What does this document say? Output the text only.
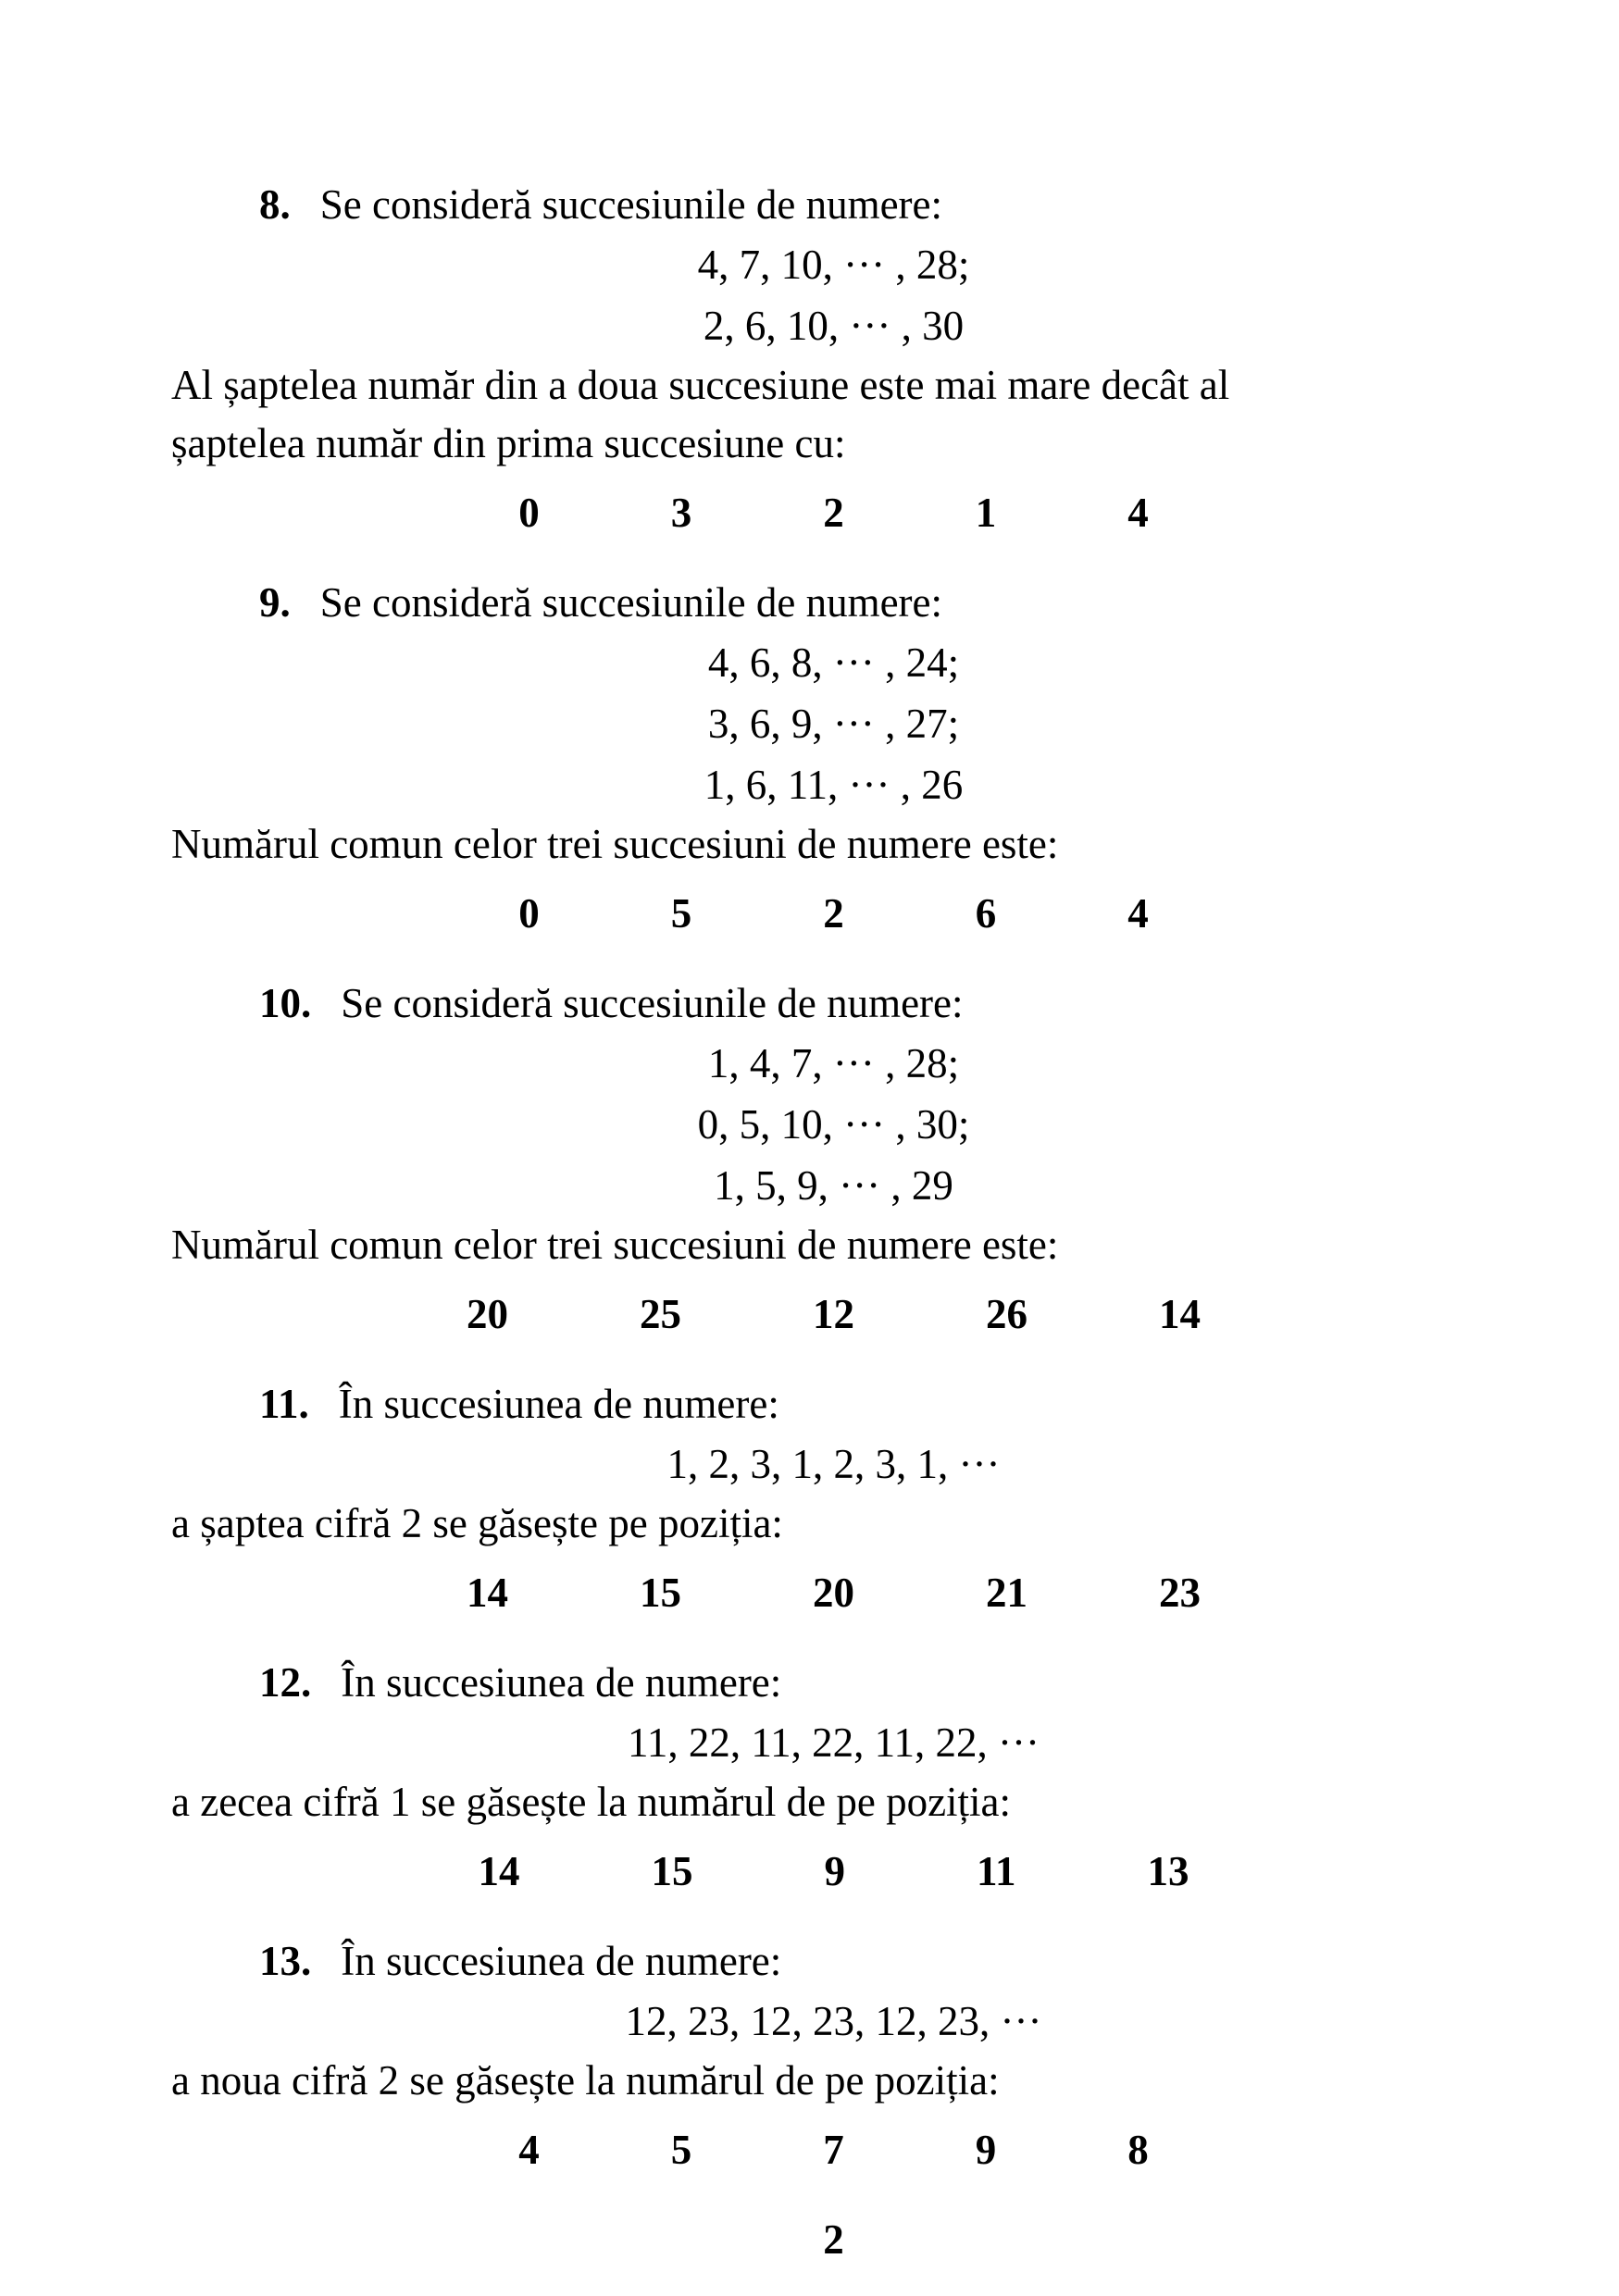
8. Se consideră succesiunile de numere:
4, 7, 10, ··· , 28;
2, 6, 10, ··· , 30
Al șaptelea număr din a doua succesiune este mai mare decât al
șaptelea număr din prima succesiune cu:
0	3	2	1	4
9. Se consideră succesiunile de numere:
4, 6, 8, ··· , 24;
3, 6, 9, ··· , 27;
1, 6, 11, ··· , 26
Numărul comun celor trei succesiuni de numere este:
0	5	2	6	4
10. Se consideră succesiunile de numere:
1, 4, 7, ··· , 28;
0, 5, 10, ··· , 30;
1, 5, 9, ··· , 29
Numărul comun celor trei succesiuni de numere este:
20	25	12	26	14
11. În succesiunea de numere:
1, 2, 3, 1, 2, 3, 1, ···
a șaptea cifră 2 se găsește pe poziția:
14	15	20	21	23
12. În succesiunea de numere:
11, 22, 11, 22, 11, 22, ···
a zecea cifră 1 se găsește la numărul de pe poziția:
14	15	9	11	13
13. În succesiunea de numere:
12, 23, 12, 23, 12, 23, ···
a noua cifră 2 se găsește la numărul de pe poziția:
4	5	7	9	8
2
